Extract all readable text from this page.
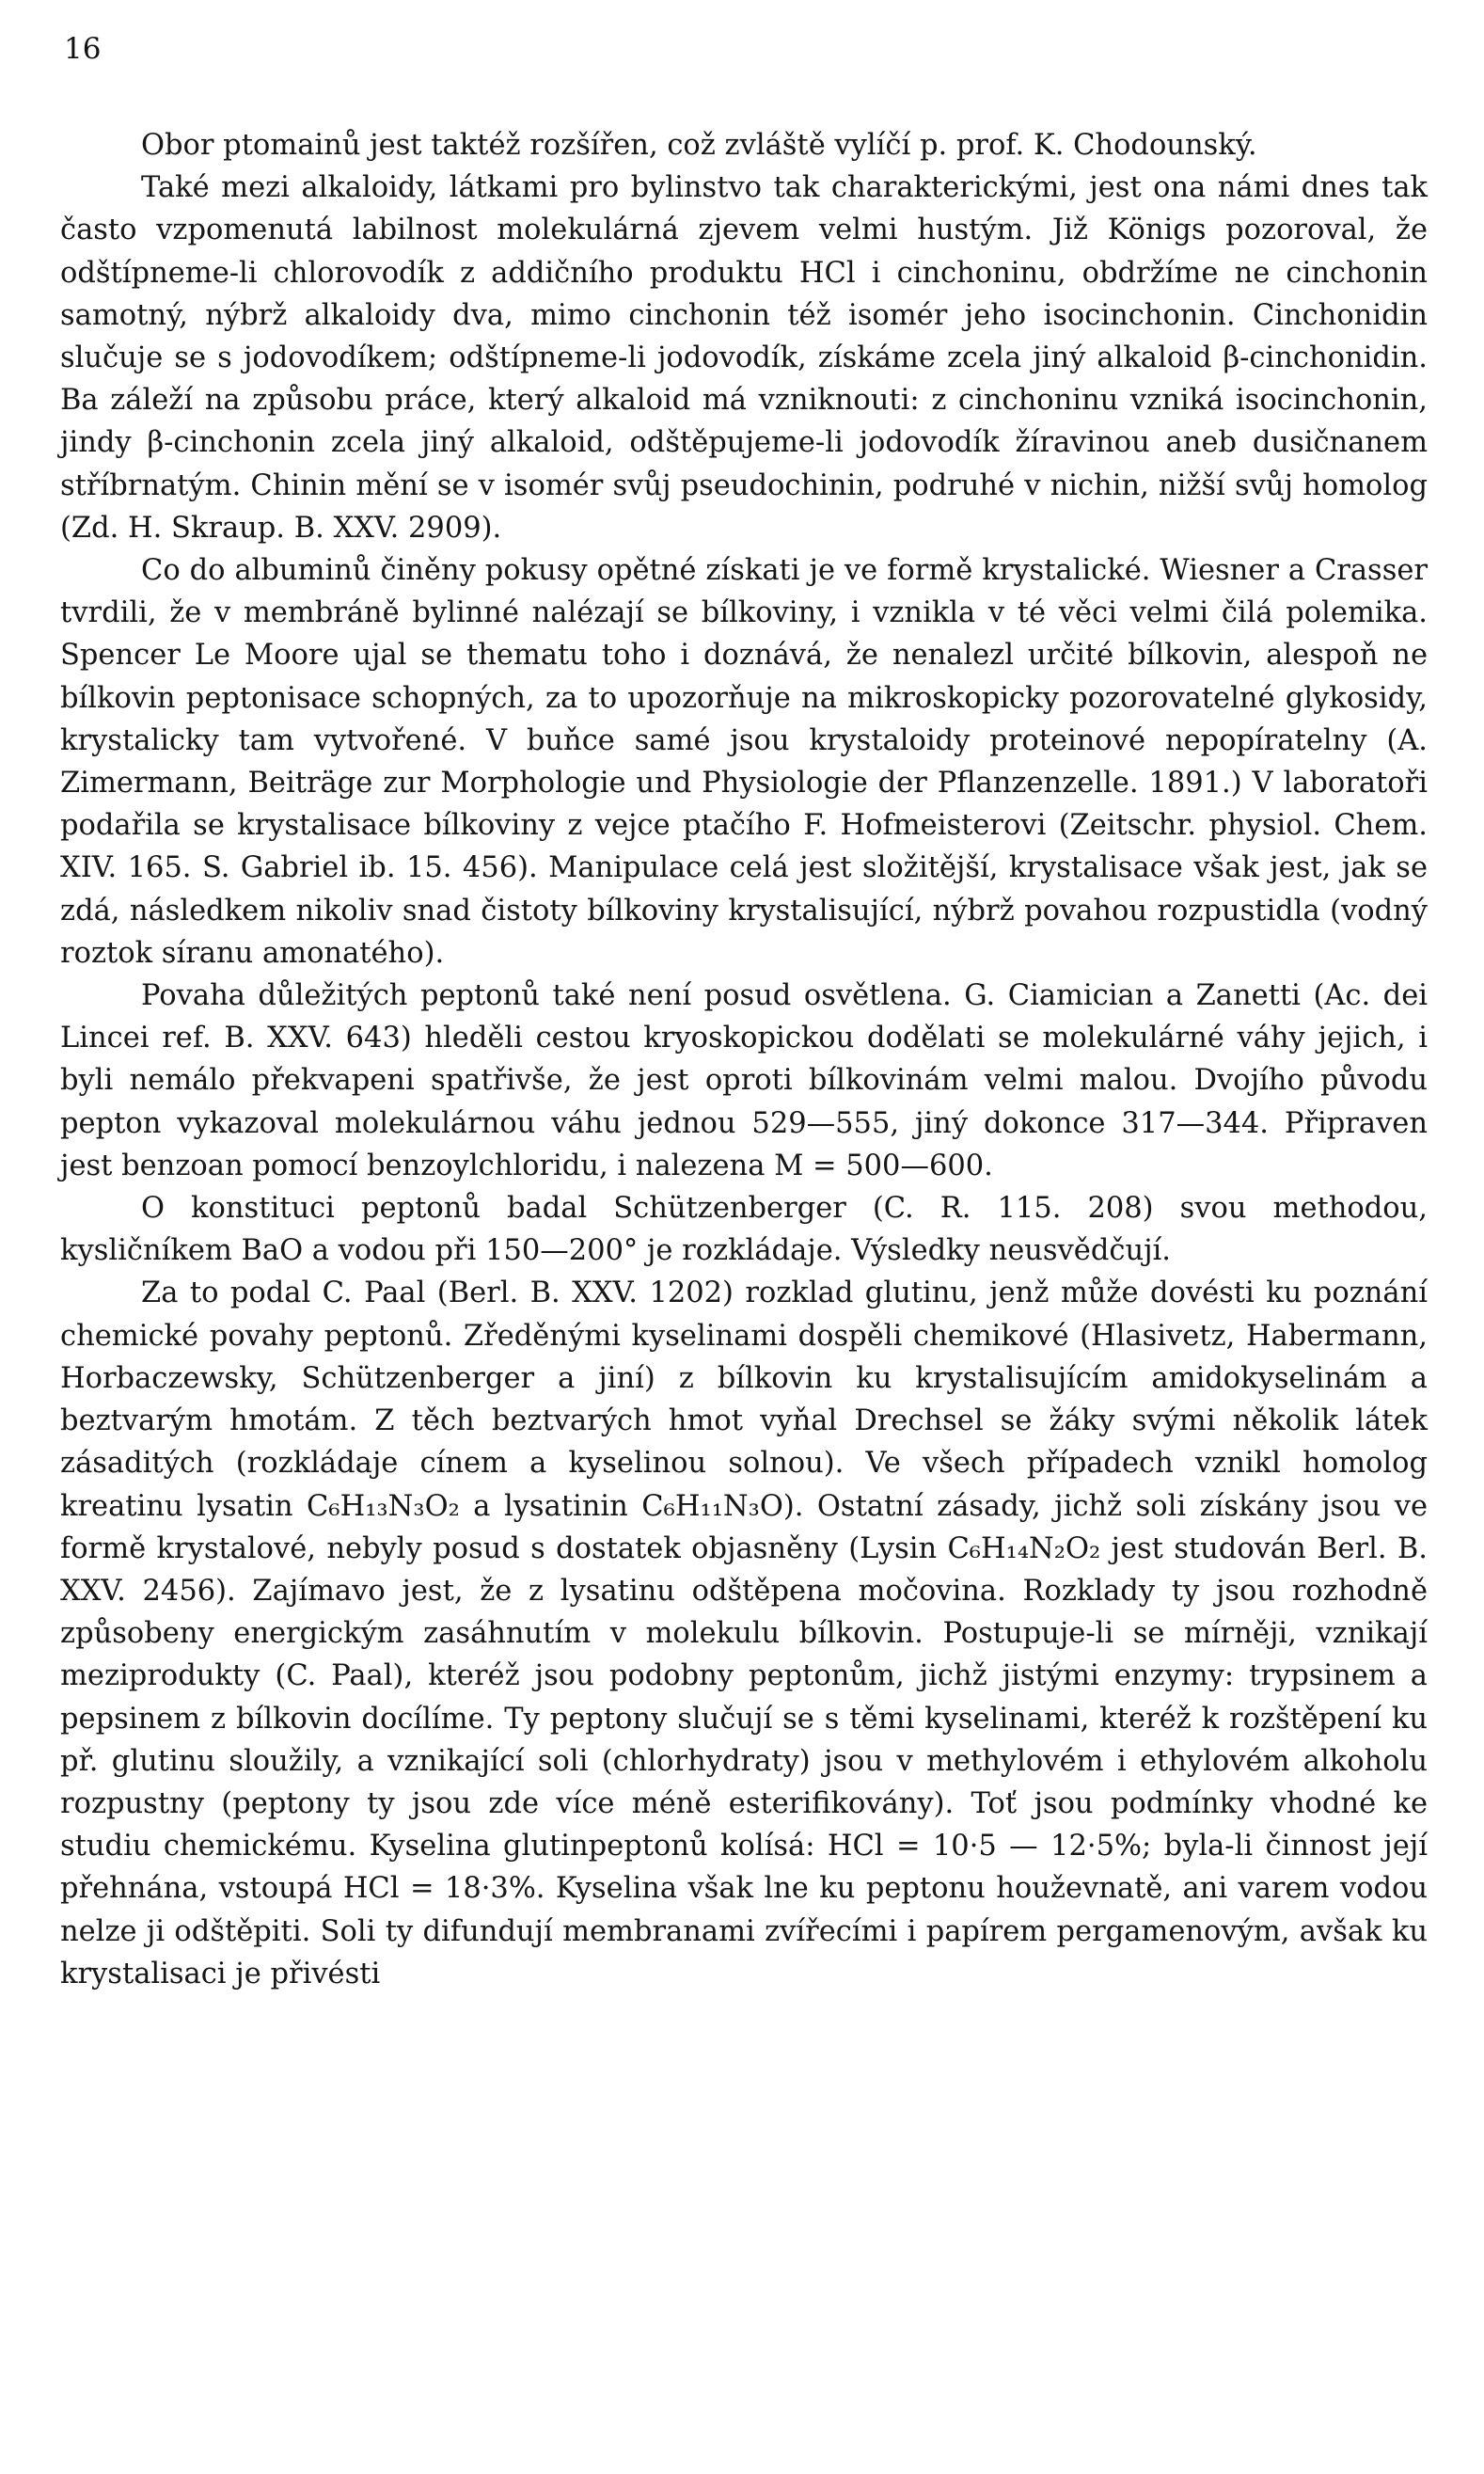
16

Obor ptomainů jest taktéž rozšířen, což zvláště vylíčí p. prof. K. Chodounský.

Také mezi alkaloidy, látkami pro bylinstvo tak charakterickými, jest ona námi dnes tak často vzpomenutá labilnost molekulárná zjevem velmi hustým. Již Königs pozoroval, že odštípneme-li chlorovodík z addičního produktu HCl i cinchoninu, obdržíme ne cinchonin samotný, nýbrž alkaloidy dva, mimo cinchonin též isomér jeho isocinchonin. Cinchonidin slučuje se s jodovodíkem; odštípneme-li jodovodík, získáme zcela jiný alkaloid β-cinchonidin. Ba záleží na způsobu práce, který alkaloid má vzniknouti: z cinchoninu vzniká isocinchonin, jindy β-cinchonin zcela jiný alkaloid, odštěpujeme-li jodovodík žíravinou aneb dusičnanem stříbrnatým. Chinin mění se v isomér svůj pseudochinin, podruhé v nichin, nižší svůj homolog (Zd. H. Skraup. B. XXV. 2909).

Co do albuminů činěny pokusy opětné získati je ve formě krystalické. Wiesner a Crasser tvrdili, že v membráně bylinné nalézají se bílkoviny, i vznikla v té věci velmi čilá polemika. Spencer Le Moore ujal se thematu toho i doznává, že nenalezl určité bílkovin, alespoň ne bílkovin peptonisace schopných, za to upozorňuje na mikroskopicky pozorovatelné glykosidy, krystalicky tam vytvořené. V buňce samé jsou krystaloidy proteinové nepopíratelny (A. Zimermann, Beiträge zur Morphologie und Physiologie der Pflanzenzelle. 1891.) V laboratoři podařila se krystalisace bílkoviny z vejce ptačího F. Hofmeisterovi (Zeitschr. physiol. Chem. XIV. 165. S. Gabriel ib. 15. 456). Manipulace celá jest složitější, krystalisace však jest, jak se zdá, následkem nikoliv snad čistoty bílkoviny krystalisující, nýbrž povahou rozpustidla (vodný roztok síranu amonatého).

Povaha důležitých peptonů také není posud osvětlena. G. Ciamician a Zanetti (Ac. dei Lincei ref. B. XXV. 643) hleděli cestou kryoskopickou dodělati se molekulárné váhy jejich, i byli nemálo překvapeni spatřivše, že jest oproti bílkovinám velmi malou. Dvojího původu pepton vykazoval molekulárnou váhu jednou 529—555, jiný dokonce 317—344. Připraven jest benzoan pomocí benzoylchloridu, i nalezena M = 500—600.

O konstituci peptonů badal Schützenberger (C. R. 115. 208) svou methodou, kysličníkem BaO a vodou při 150—200° je rozkládaje. Výsledky neusvědčují.

Za to podal C. Paal (Berl. B. XXV. 1202) rozklad glutinu, jenž může dovésti ku poznání chemické povahy peptonů. Zředěnými kyselinami dospěli chemikové (Hlasivetz, Habermann, Horbaczewsky, Schützenberger a jiní) z bílkovin ku krystalisujícím amidokyselinám a beztvarým hmotám. Z těch beztvarých hmot vyňal Drechsel se žáky svými několik látek zásaditých (rozkládaje cínem a kyselinou solnou). Ve všech případech vznikl homolog kreatinu lysatin C₆H₁₃N₃O₂ a lysatinin C₆H₁₁N₃O). Ostatní zásady, jichž soli získány jsou ve formě krystalové, nebyly posud s dostatek objasněny (Lysin C₆H₁₄N₂O₂ jest studován Berl. B. XXV. 2456). Zajímavo jest, že z lysatinu odštěpena močovina. Rozklady ty jsou rozhodně způsobeny energickým zasáhnutím v molekulu bílkovin. Postupuje-li se mírněji, vznikají meziprodukty (C. Paal), kteréž jsou podobny peptonům, jichž jistými enzymy: trypsinem a pepsinem z bílkovin docílíme. Ty peptony slučují se s těmi kyselinami, kteréž k rozštěpení ku př. glutinu sloužily, a vznikající soli (chlorhydraty) jsou v methylovém i ethylovém alkoholu rozpustny (peptony ty jsou zde více méně esterifikovány). Toť jsou podmínky vhodné ke studiu chemickému. Kyselina glutinpeptonů kolísá: HCl = 10·5 — 12·5%; byla-li činnost její přehnána, vstoupá HCl = 18·3%. Kyselina však lne ku peptonu houževnatě, ani varem vodou nelze ji odštěpiti. Soli ty difundují membranami zvířecími i papírem pergamenovým, avšak ku krystalisaci je přivésti
